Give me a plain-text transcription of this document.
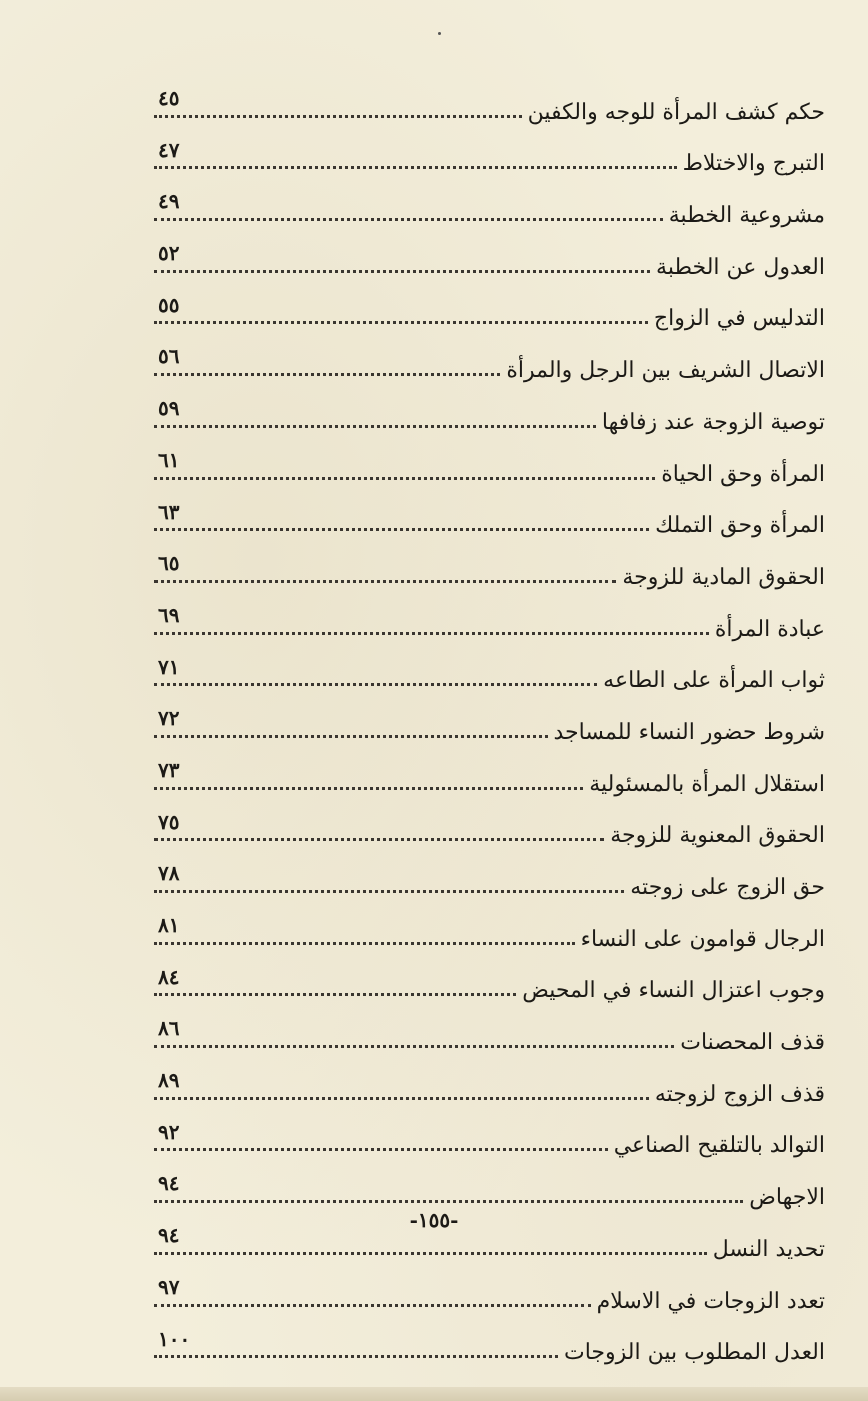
حكم كشف المرأة للوجه والكفين
٤٥
التبرج والاختلاط
٤٧
مشروعية الخطبة
٤٩
العدول عن الخطبة
٥٢
التدليس في الزواج
٥٥
الاتصال الشريف بين الرجل والمرأة
٥٦
توصية الزوجة عند زفافها
٥٩
المرأة وحق الحياة
٦١
المرأة وحق التملك
٦٣
الحقوق المادية للزوجة
٦٥
عبادة المرأة
٦٩
ثواب المرأة على الطاعه
٧١
شروط حضور النساء للمساجد
٧٢
استقلال المرأة بالمسئولية
٧٣
الحقوق المعنوية للزوجة
٧٥
حق الزوج على زوجته
٧٨
الرجال قوامون على النساء
٨١
وجوب اعتزال النساء في المحيض
٨٤
قذف المحصنات
٨٦
قذف الزوج لزوجته
٨٩
التوالد بالتلقيح الصناعي
٩٢
الاجهاض
٩٤
تحديد النسل
٩٤
تعدد الزوجات في الاسلام
٩٧
العدل المطلوب بين الزوجات
١٠٠
-١٥٥-
